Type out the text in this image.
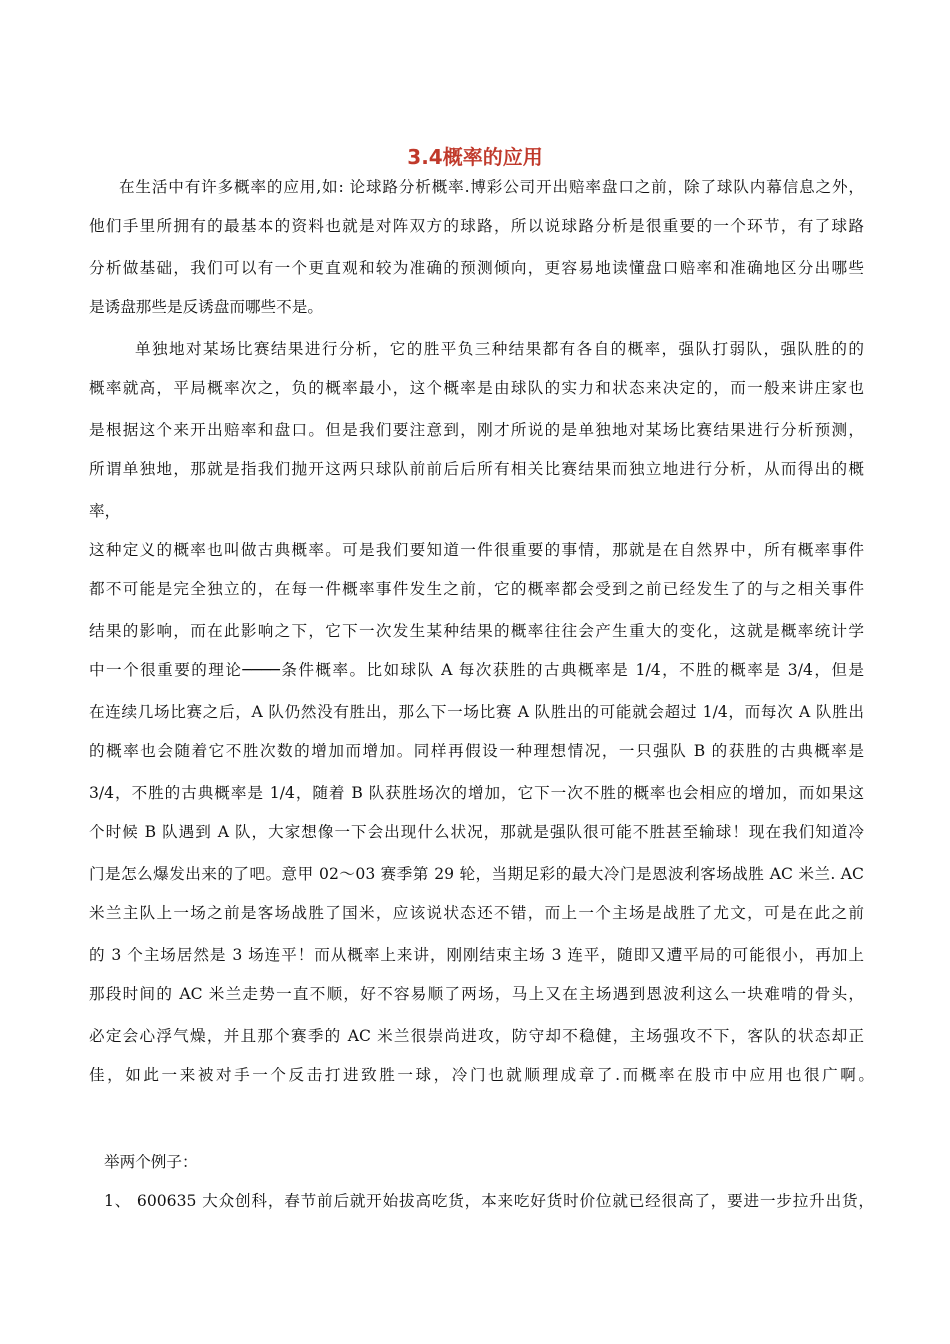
3.4概率的应用

在生活中有许多概率的应用,如: 论球路分析概率.博彩公司开出赔率盘口之前，除了球队内幕信息之外，

他们手里所拥有的最基本的资料也就是对阵双方的球路，所以说球路分析是很重要的一个环节，有了球路

分析做基础，我们可以有一个更直观和较为准确的预测倾向，更容易地读懂盘口赔率和准确地区分出哪些

是诱盘那些是反诱盘而哪些不是。

单独地对某场比赛结果进行分析，它的胜平负三种结果都有各自的概率，强队打弱队，强队胜的的

概率就高，平局概率次之，负的概率最小，这个概率是由球队的实力和状态来决定的，而一般来讲庄家也

是根据这个来开出赔率和盘口。但是我们要注意到，刚才所说的是单独地对某场比赛结果进行分析预测，

所谓单独地，那就是指我们抛开这两只球队前前后后所有相关比赛结果而独立地进行分析，从而得出的概

率，

这种定义的概率也叫做古典概率。可是我们要知道一件很重要的事情，那就是在自然界中，所有概率事件

都不可能是完全独立的，在每一件概率事件发生之前，它的概率都会受到之前已经发生了的与之相关事件

结果的影响，而在此影响之下，它下一次发生某种结果的概率往往会产生重大的变化，这就是概率统计学

中一个很重要的理论────条件概率。比如球队 A 每次获胜的古典概率是 1/4，不胜的概率是 3/4，但是

在连续几场比赛之后，A 队仍然没有胜出，那么下一场比赛 A 队胜出的可能就会超过 1/4，而每次 A 队胜出

的概率也会随着它不胜次数的增加而增加。同样再假设一种理想情况，一只强队 B 的获胜的古典概率是

3/4，不胜的古典概率是 1/4，随着 B 队获胜场次的增加，它下一次不胜的概率也会相应的增加，而如果这

个时候 B 队遇到 A 队，大家想像一下会出现什么状况，那就是强队很可能不胜甚至输球！现在我们知道冷

门是怎么爆发出来的了吧。意甲 02～03 赛季第 29 轮，当期足彩的最大冷门是恩波利客场战胜 AC 米兰. AC

米兰主队上一场之前是客场战胜了国米，应该说状态还不错，而上一个主场是战胜了尤文，可是在此之前

的 3 个主场居然是 3 场连平！而从概率上来讲，刚刚结束主场 3 连平，随即又遭平局的可能很小，再加上

那段时间的 AC 米兰走势一直不顺，好不容易顺了两场，马上又在主场遇到恩波利这么一块难啃的骨头，

必定会心浮气燥，并且那个赛季的 AC 米兰很崇尚进攻，防守却不稳健，主场强攻不下，客队的状态却正

佳，如此一来被对手一个反击打进致胜一球，冷门也就顺理成章了.而概率在股市中应用也很广啊。

举两个例子：

1、 600635 大众创科，春节前后就开始拔高吃货，本来吃好货时价位就已经很高了，要进一步拉升出货，
